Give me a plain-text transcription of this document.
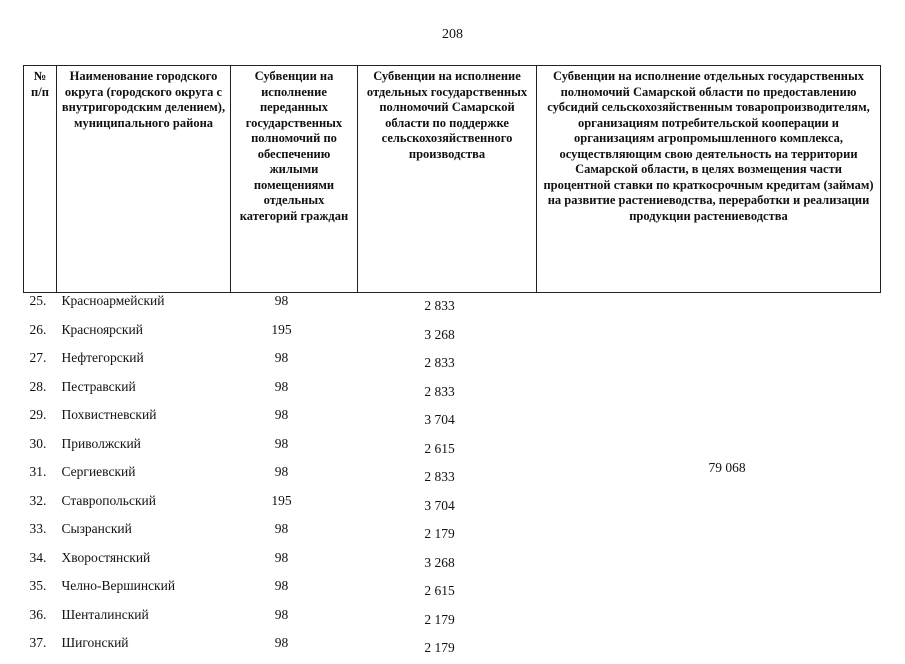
208
№ п/п	Наименование городского округа (городского округа с внутригородским делением), муниципального района	Субвенции на исполнение переданных государственных полномочий по обеспечению жилыми помещениями отдельных категорий граждан	Субвенции на исполнение отдельных государственных полномочий Самарской области по поддержке сельскохозяйственного производства	Субвенции на исполнение отдельных государственных полномочий Самарской области по предоставлению субсидий сельскохозяйственным товаропроизводителям, организациям потребительской кооперации и организациям агропромышленного комплекса, осуществляющим свою деятельность на территории Самарской области, в целях возмещения части процентной ставки по краткосрочным кредитам (займам) на развитие растениеводства, переработки и реализации продукции растениеводства
25.	Красноармейский	98	2 833	79 068
26.	Красноярский	195	3 268	
27.	Нефтегорский	98	2 833	
28.	Пестравский	98	2 833	
29.	Похвистневский	98	3 704	
30.	Приволжский	98	2 615	
31.	Сергиевский	98	2 833	
32.	Ставропольский	195	3 704	
33.	Сызранский	98	2 179	
34.	Хворостянский	98	3 268	
35.	Челно-Вершинский	98	2 615	
36.	Шенталинский	98	2 179	
37.	Шигонский	98	2 179	
